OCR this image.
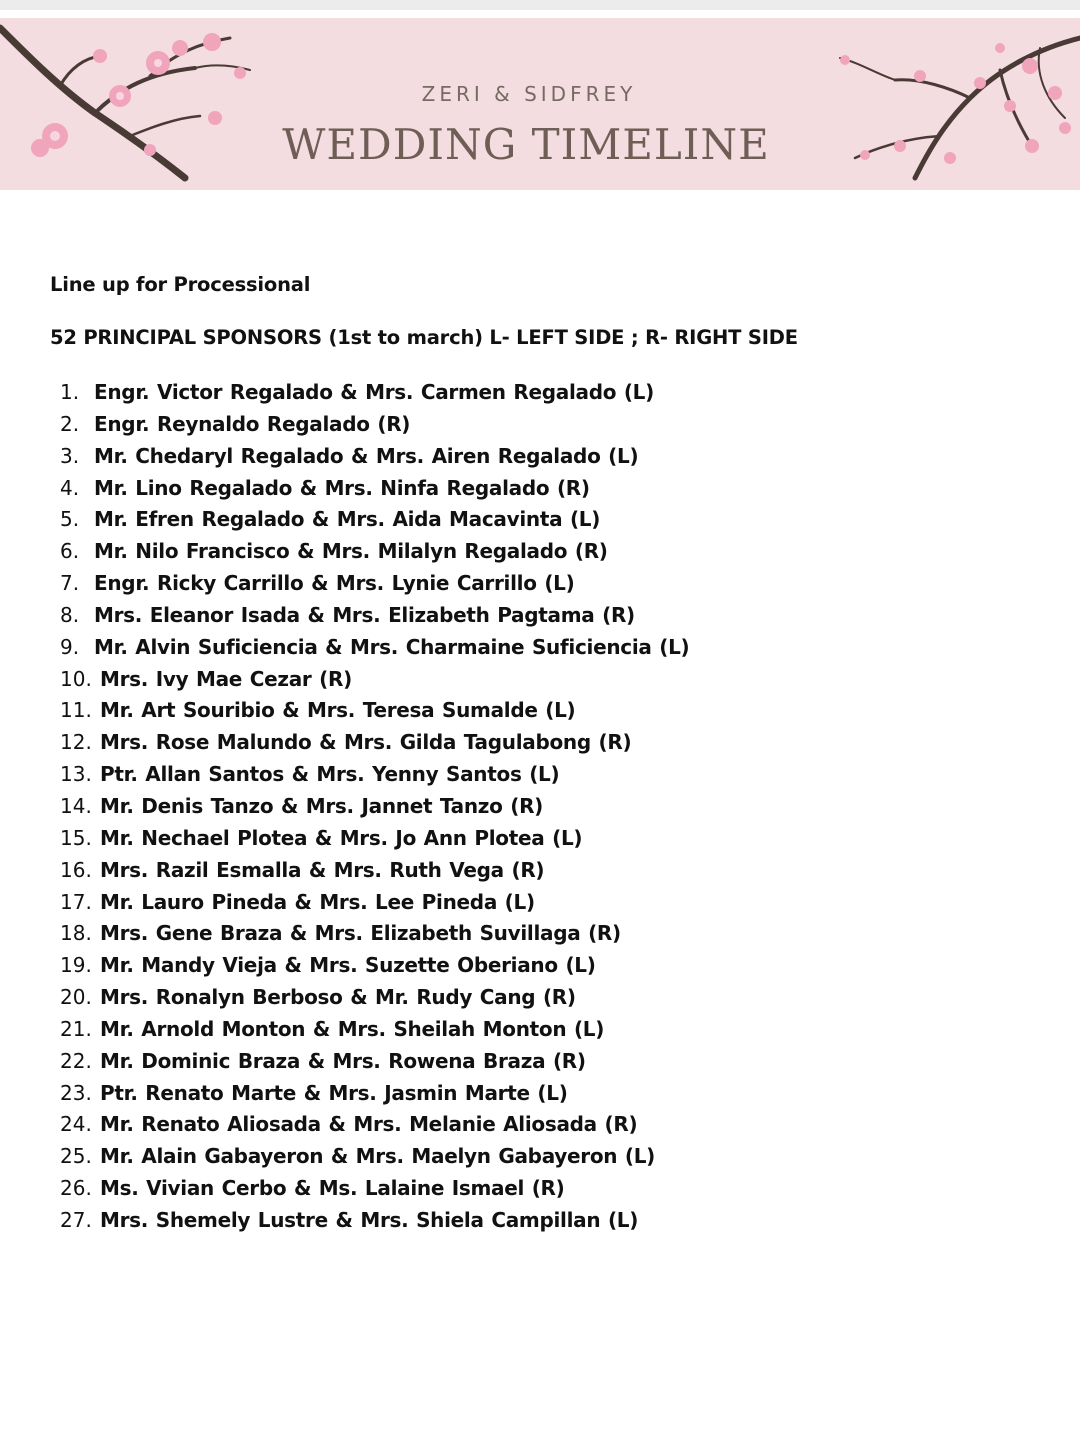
ZERI & SIDFREY
WEDDING TIMELINE
Line up for Processional
52 PRINCIPAL SPONSORS (1st to march) L- LEFT SIDE ; R- RIGHT SIDE
1. Engr. Victor Regalado & Mrs. Carmen Regalado (L)
2. Engr. Reynaldo Regalado (R)
3. Mr. Chedaryl Regalado & Mrs. Airen Regalado (L)
4. Mr. Lino Regalado & Mrs. Ninfa Regalado (R)
5. Mr. Efren Regalado & Mrs. Aida Macavinta (L)
6. Mr. Nilo Francisco & Mrs. Milalyn Regalado (R)
7. Engr. Ricky Carrillo & Mrs. Lynie Carrillo (L)
8. Mrs. Eleanor Isada & Mrs. Elizabeth Pagtama (R)
9. Mr. Alvin Suficiencia & Mrs. Charmaine Suficiencia (L)
10. Mrs. Ivy Mae Cezar (R)
11. Mr. Art Souribio & Mrs. Teresa Sumalde (L)
12. Mrs. Rose Malundo & Mrs. Gilda Tagulabong (R)
13. Ptr. Allan Santos & Mrs. Yenny Santos (L)
14. Mr. Denis Tanzo & Mrs. Jannet Tanzo (R)
15. Mr. Nechael Plotea & Mrs. Jo Ann Plotea (L)
16. Mrs. Razil Esmalla & Mrs. Ruth Vega (R)
17. Mr. Lauro Pineda & Mrs. Lee Pineda (L)
18. Mrs. Gene Braza & Mrs. Elizabeth Suvillaga (R)
19. Mr. Mandy Vieja & Mrs. Suzette Oberiano (L)
20. Mrs. Ronalyn Berboso & Mr. Rudy Cang (R)
21. Mr. Arnold Monton & Mrs. Sheilah Monton (L)
22. Mr. Dominic Braza & Mrs. Rowena Braza (R)
23. Ptr. Renato Marte & Mrs. Jasmin Marte (L)
24. Mr. Renato Aliosada & Mrs. Melanie Aliosada (R)
25. Mr. Alain Gabayeron & Mrs. Maelyn Gabayeron (L)
26. Ms. Vivian Cerbo & Ms. Lalaine Ismael (R)
27. Mrs. Shemely Lustre & Mrs. Shiela Campillan (L)
